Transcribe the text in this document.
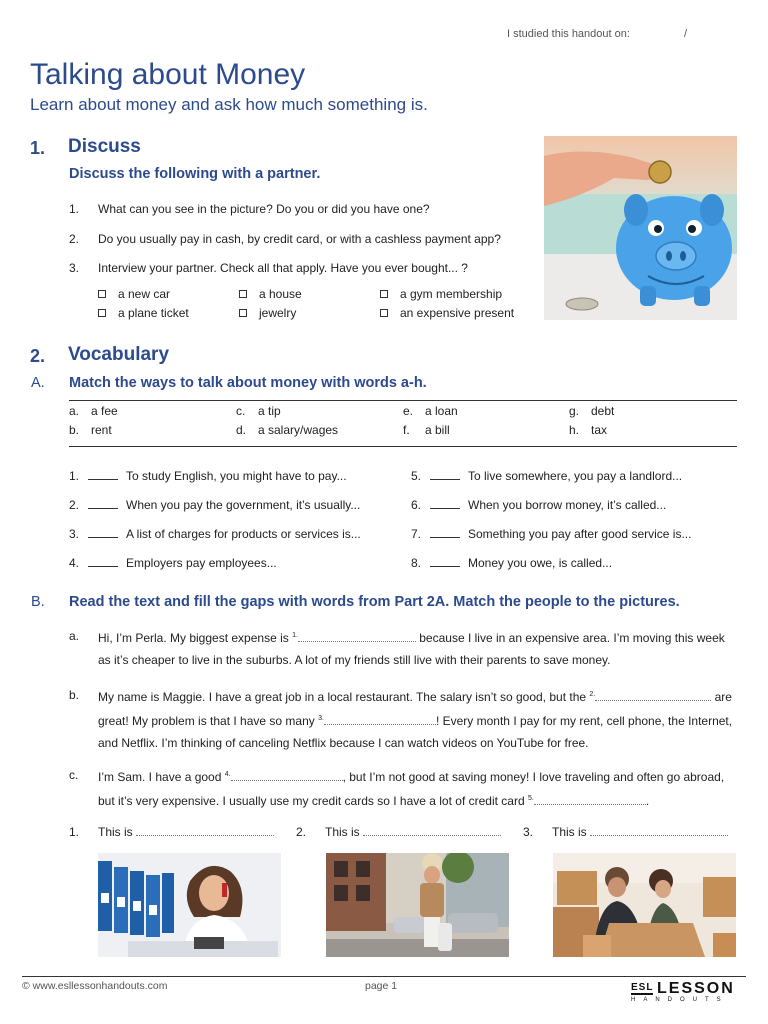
I studied this handout on:	/
Talking about Money
Learn about money and ask how much something is.
1. Discuss
Discuss the following with a partner.
1. What can you see in the picture? Do you or did you have one?
2. Do you usually pay in cash, by credit card, or with a cashless payment app?
3. Interview your partner. Check all that apply. Have you ever bought... ?
a new car	a house	a gym membership
a plane ticket	jewelry	an expensive present
2. Vocabulary
A. Match the ways to talk about money with words a-h.
a. a fee	c. a tip	e. a loan	g. debt
b. rent	d. a salary/wages	f. a bill	h. tax
1.	To study English, you might have to pay...
2.	When you pay the government, it’s usually...
3.	A list of charges for products or services is...
4.	Employers pay employees...
5.	To live somewhere, you pay a landlord...
6.	When you borrow money, it’s called...
7.	Something you pay after good service is...
8.	Money you owe, is called...
B. Read the text and fill the gaps with words from Part 2A. Match the people to the pictures.
a. Hi, I’m Perla. My biggest expense is $^{1.}$	because I live in an expensive area. I’m moving this week as it’s cheaper to live in the suburbs. A lot of my friends still live with their parents to save money.
b. My name is Maggie. I have a great job in a local restaurant. The salary isn’t so good, but the $^{2.}$	are great! My problem is that I have so many $^{3.}$	! Every month I pay for my rent, cell phone, the Internet, and Netflix. I’m thinking of canceling Netflix because I can watch videos on YouTube for free.
c. I’m Sam. I have a good $^{4.}$	, but I’m not good at saving money! I love traveling and often go abroad, but it’s very expensive. I usually use my credit cards so I have a lot of credit card $^{5.}$	.
1.	This is	2.	This is	3.	This is
© www.esllessonhandouts.com	page 1	ESL LESSON
HANDOUTS
